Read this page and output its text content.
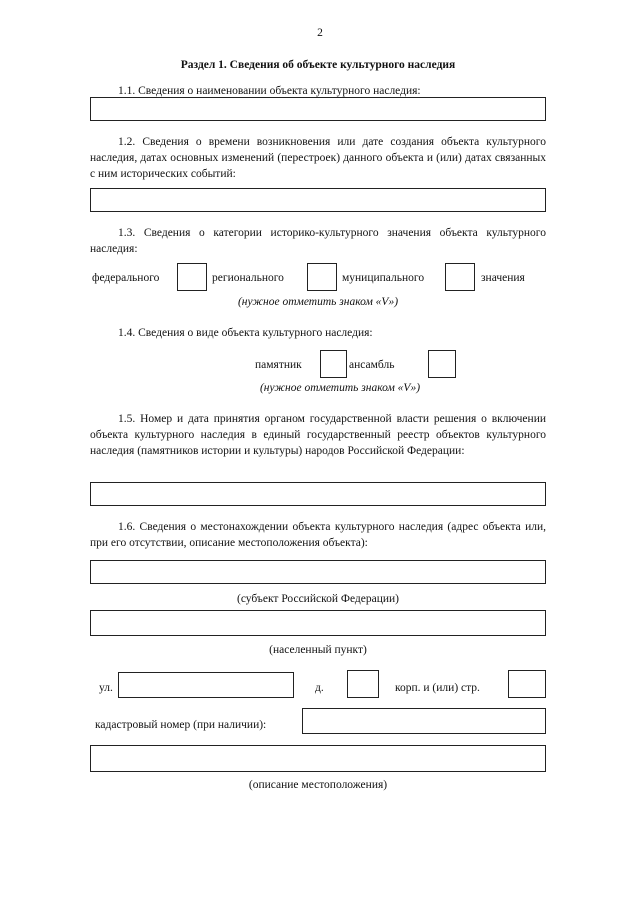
2
Раздел 1. Сведения об объекте культурного наследия
1.1. Сведения о наименовании объекта культурного наследия:
1.2. Сведения о времени возникновения или дате создания объекта культурного наследия, датах основных изменений (перестроек) данного объекта и (или) датах связанных с ним исторических событий:
1.3. Сведения о категории историко-культурного значения объекта культурного наследия:
федерального	регионального	муниципального	значения
(нужное отметить знаком «V»)
1.4. Сведения о виде объекта культурного наследия:
памятник	ансамбль
(нужное отметить знаком «V»)
1.5. Номер и дата принятия органом государственной власти решения о включении объекта культурного наследия в единый государственный реестр объектов культурного наследия (памятников истории и культуры) народов Российской Федерации:
1.6. Сведения о местонахождении объекта культурного наследия (адрес объекта или, при его отсутствии, описание местоположения объекта):
(субъект Российской Федерации)
(населенный пункт)
ул.	д.	корп. и (или) стр.
кадастровый номер (при наличии):
(описание местоположения)
